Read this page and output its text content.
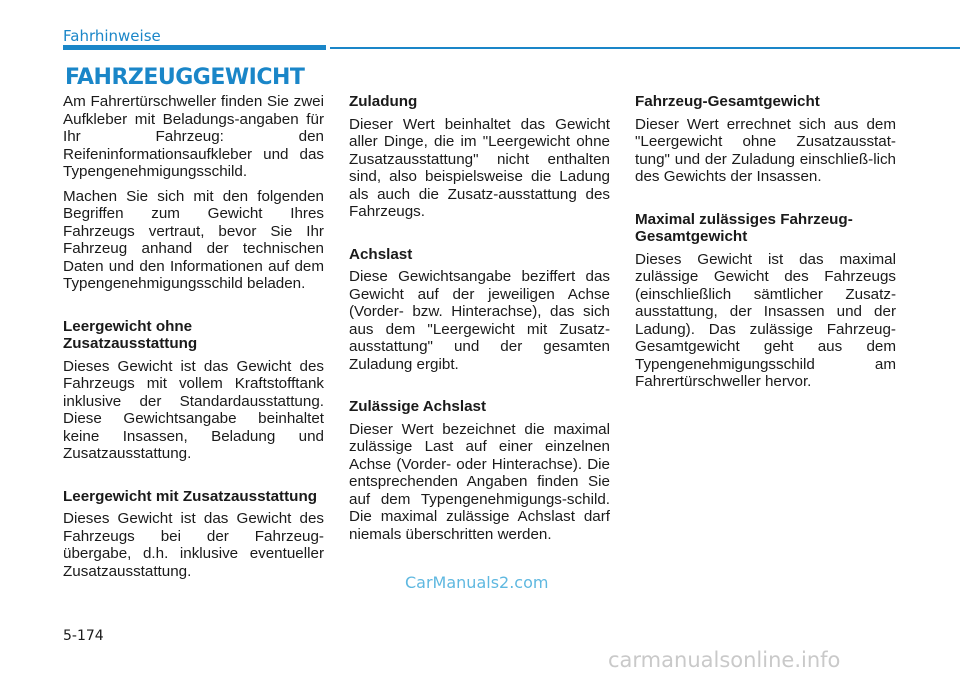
Fahrhinweise
FAHRZEUGGEWICHT

Am Fahrertürschweller finden Sie zwei Aufkleber mit Beladungs-angaben für Ihr Fahrzeug: den Reifeninformationsaufkleber und das Typengenehmigungsschild.

Machen Sie sich mit den folgenden Begriffen zum Gewicht Ihres Fahrzeugs vertraut, bevor Sie Ihr Fahrzeug anhand der technischen Daten und den Informationen auf dem Typengenehmigungsschild beladen.

Leergewicht ohne Zusatzausstattung

Dieses Gewicht ist das Gewicht des Fahrzeugs mit vollem Kraftstofftank inklusive der Standardausstattung. Diese Gewichtsangabe beinhaltet keine Insassen, Beladung und Zusatzausstattung.

Leergewicht mit Zusatzausstattung

Dieses Gewicht ist das Gewicht des Fahrzeugs bei der Fahrzeug-übergabe, d.h. inklusive eventueller Zusatzausstattung.

Zuladung

Dieser Wert beinhaltet das Gewicht aller Dinge, die im "Leergewicht ohne Zusatzausstattung" nicht enthalten sind, also beispielsweise die Ladung als auch die Zusatz-ausstattung des Fahrzeugs.

Achslast

Diese Gewichtsangabe beziffert das Gewicht auf der jeweiligen Achse (Vorder- bzw. Hinterachse), das sich aus dem "Leergewicht mit Zusatz-ausstattung" und der gesamten Zuladung ergibt.

Zulässige Achslast

Dieser Wert bezeichnet die maximal zulässige Last auf einer einzelnen Achse (Vorder- oder Hinterachse). Die entsprechenden Angaben finden Sie auf dem Typengenehmigungs-schild. Die maximal zulässige Achslast darf niemals überschritten werden.

Fahrzeug-Gesamtgewicht

Dieser Wert errechnet sich aus dem "Leergewicht ohne Zusatzausstat-tung" und der Zuladung einschließ-lich des Gewichts der Insassen.

Maximal zulässiges Fahrzeug-Gesamtgewicht

Dieses Gewicht ist das maximal zulässige Gewicht des Fahrzeugs (einschließlich sämtlicher Zusatz-ausstattung, der Insassen und der Ladung). Das zulässige Fahrzeug-Gesamtgewicht geht aus dem Typengenehmigungsschild am Fahrertürschweller hervor.

CarManuals2.com
5-174
carmanualsonline.info
